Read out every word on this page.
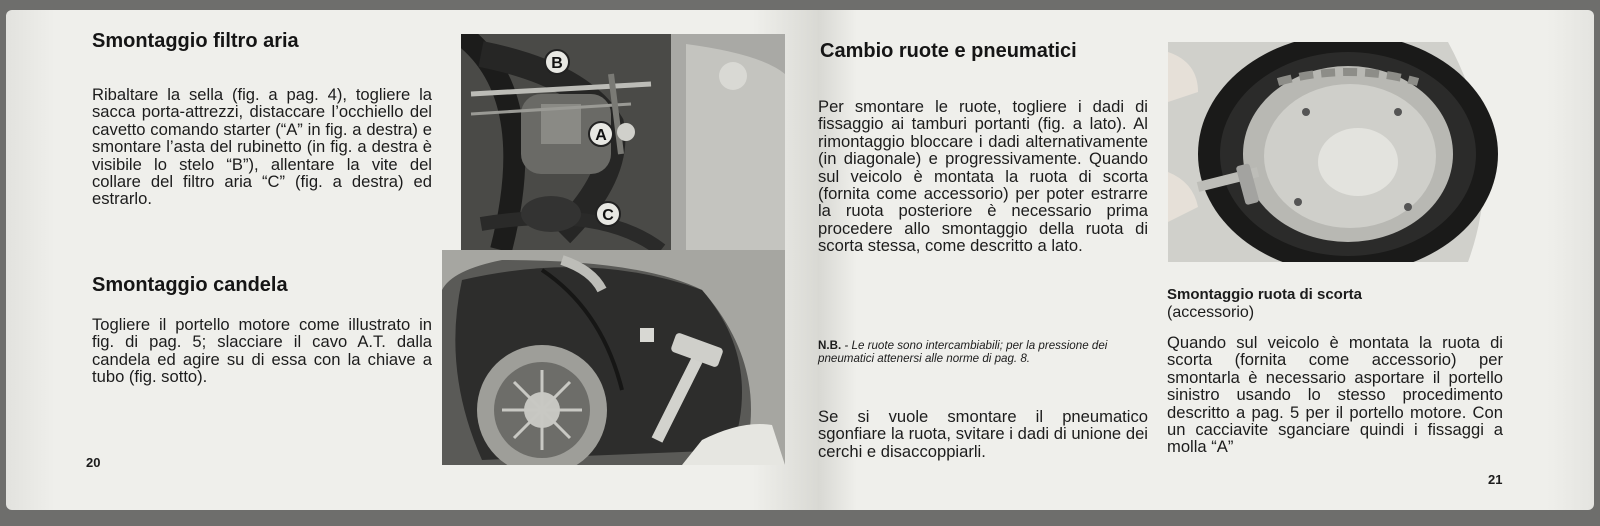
Smontaggio filtro aria

Ribaltare la sella (fig. a pag. 4), togliere la sacca porta-attrezzi, distaccare l’occhiello del cavetto comando starter (“A” in fig. a destra) e smontare l’asta del rubinetto (in fig. a destra è visibile lo stelo “B”), allentare la vite del collare del filtro aria “C” (fig. a destra) ed estrarlo.

Smontaggio candela

Togliere il portello motore come illustrato in fig. di pag. 5; slacciare il cavo A.T. dalla candela ed agire su di essa con la chiave a tubo (fig. sotto).

B
A
C
20
Cambio ruote e pneumatici

Per smontare le ruote, togliere i dadi di fissaggio ai tamburi portanti (fig. a lato). Al rimontaggio bloccare i dadi alternativamente (in diagonale) e progressivamente. Quando sul veicolo è montata la ruota di scorta (fornita come accessorio) per poter estrarre la ruota posteriore è necessario prima procedere allo smontaggio della ruota di scorta stessa, come descritto a lato.

N.B. - Le ruote sono intercambiabili; per la pressione dei pneumatici attenersi alle norme di pag. 8.

Se si vuole smontare il pneumatico sgonfiare la ruota, svitare i dadi di unione dei cerchi e disaccoppiarli.

Smontaggio ruota di scorta

(accessorio)

Quando sul veicolo è montata la ruota di scorta (fornita come accessorio) per smontarla è necessario asportare il portello sinistro usando lo stesso procedimento descritto a pag. 5 per il portello motore. Con un cacciavite sganciare quindi i fissaggi a molla “A”

21
